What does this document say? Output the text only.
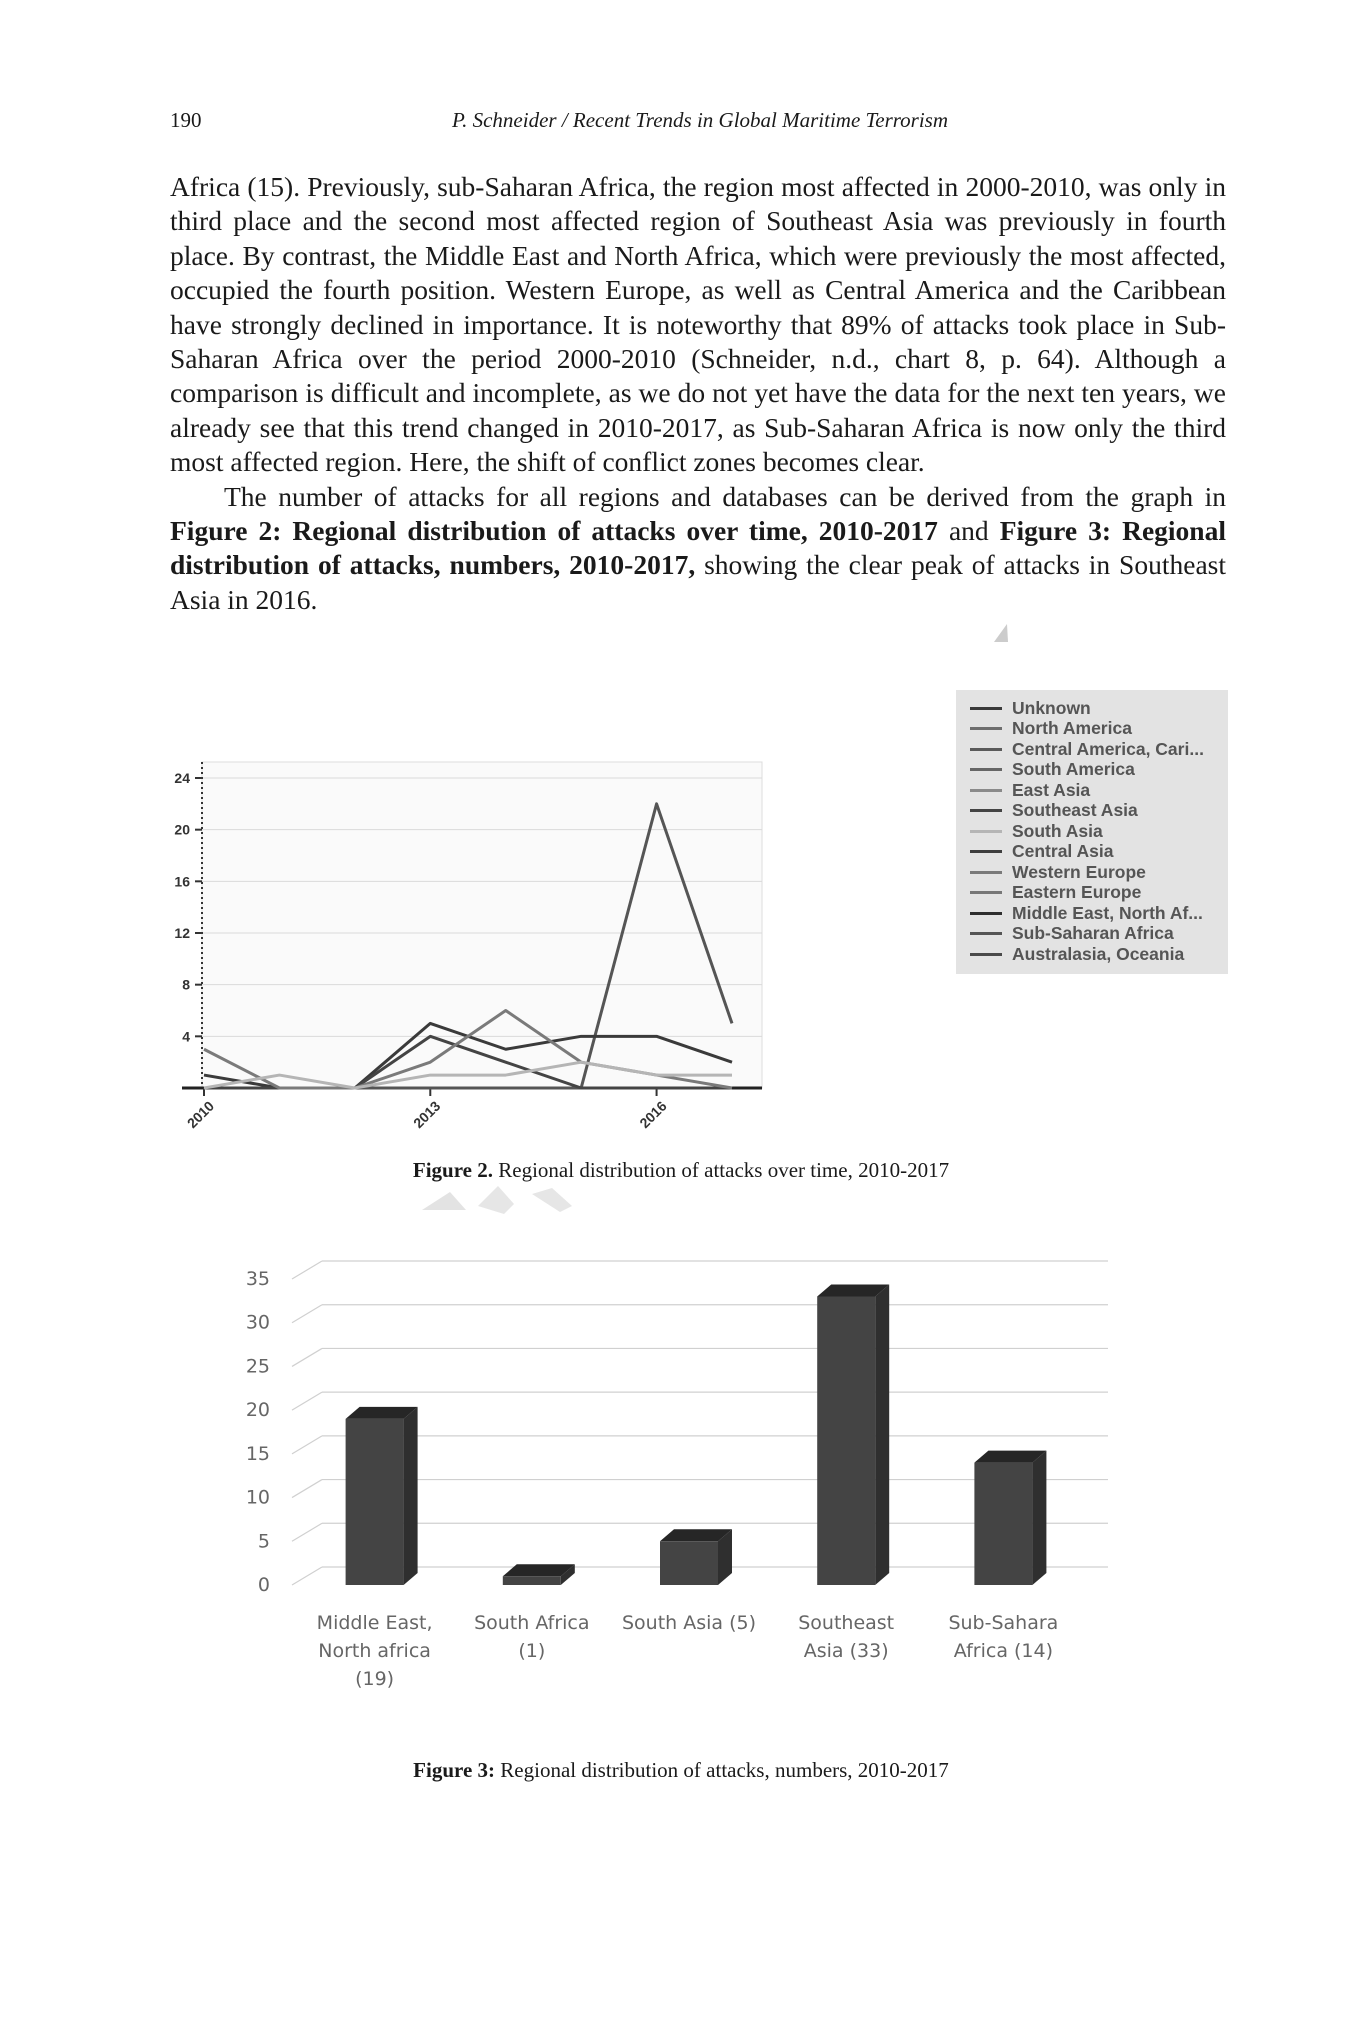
190	P. Schneider / Recent Trends in Global Maritime Terrorism

Africa (15). Previously, sub-Saharan Africa, the region most affected in 2000-2010, was only in third place and the second most affected region of Southeast Asia was previously in fourth place. By contrast, the Middle East and North Africa, which were previously the most affected, occupied the fourth position. Western Europe, as well as Central America and the Caribbean have strongly declined in importance. It is noteworthy that 89% of attacks took place in Sub-Saharan Africa over the period 2000-2010 (Schneider, n.d., chart 8, p. 64). Although a comparison is difficult and incomplete, as we do not yet have the data for the next ten years, we already see that this trend changed in 2010-2017, as Sub-Saharan Africa is now only the third most affected region. Here, the shift of conflict zones becomes clear.

The number of attacks for all regions and databases can be derived from the graph in Figure 2: Regional distribution of attacks over time, 2010-2017 and Figure 3: Regional distribution of attacks, numbers, 2010-2017, showing the clear peak of attacks in Southeast Asia in 2016.

4
8
12
16
20
24
2010	2013	2016
Unknown
North America
Central America, Cari...
South America
East Asia
Southeast Asia
South Asia
Central Asia
Western Europe
Eastern Europe
Middle East, North Af...
Sub-Saharan Africa
Australasia, Oceania
Figure 2. Regional distribution of attacks over time, 2010-2017
0
5
10
15
20
25
30
35
Middle East,
North africa
(19)
South Africa
(1)
South Asia (5) Southeast
Asia (33)
Sub-Sahara
Africa (14)
Figure 3: Regional distribution of attacks, numbers, 2010-2017
